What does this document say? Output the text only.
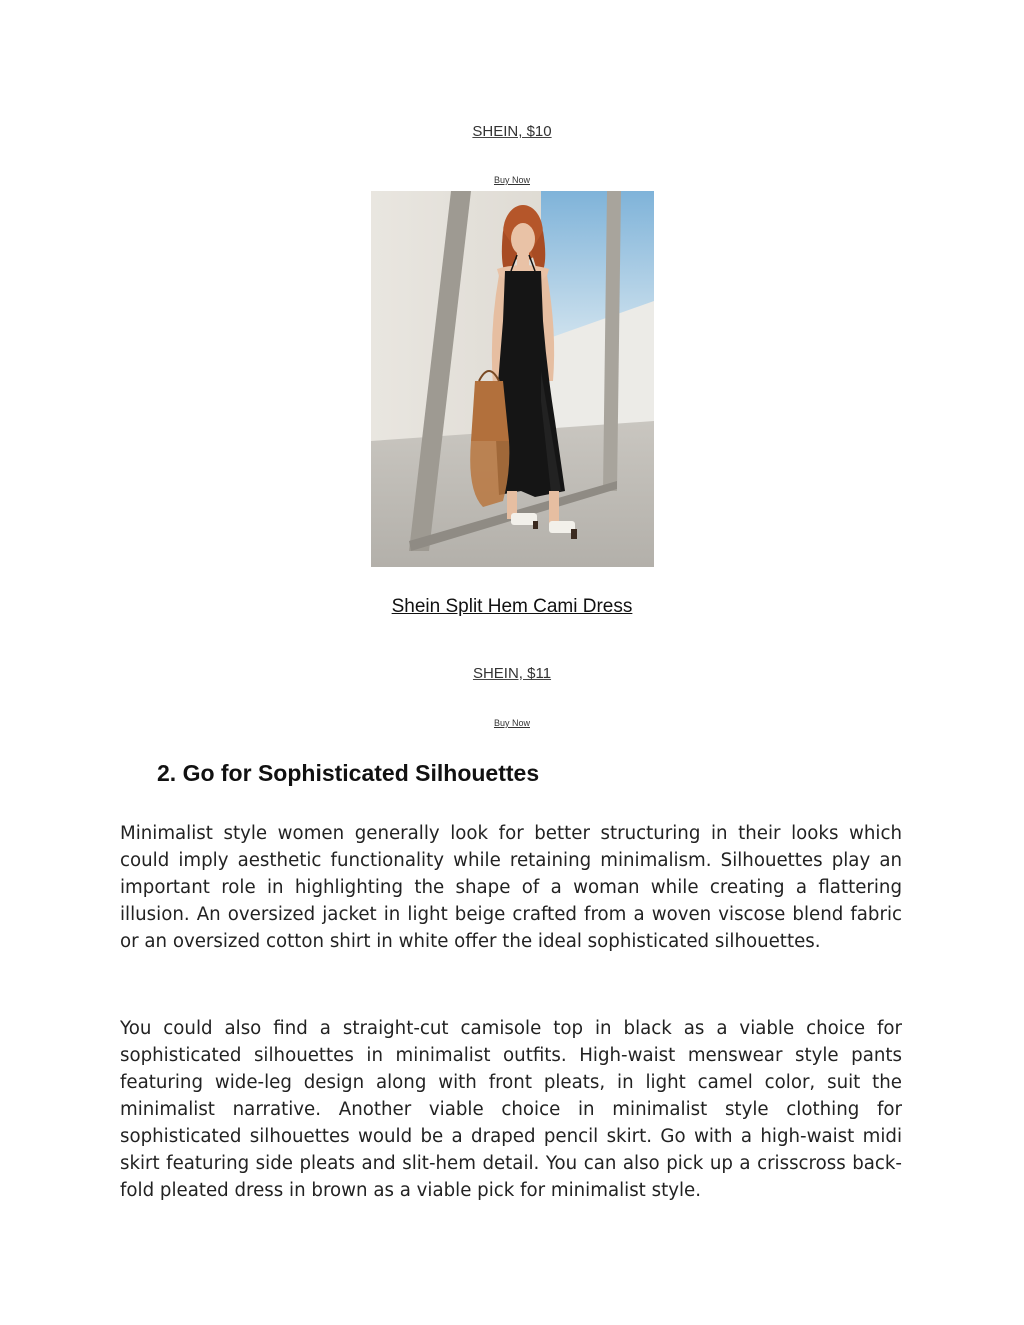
SHEIN, $10
Buy Now
Shein Split Hem Cami Dress
SHEIN, $11
Buy Now
2. Go for Sophisticated Silhouettes

Minimalist style women generally look for better structuring in their looks which could imply aesthetic functionality while retaining minimalism. Silhouettes play an important role in highlighting the shape of a woman while creating a flattering illusion. An oversized jacket in light beige crafted from a woven viscose blend fabric or an oversized cotton shirt in white offer the ideal sophisticated silhouettes.

You could also find a straight-cut camisole top in black as a viable choice for sophisticated silhouettes in minimalist outfits. High-waist menswear style pants featuring wide-leg design along with front pleats, in light camel color, suit the minimalist narrative. Another viable choice in minimalist style clothing for sophisticated silhouettes would be a draped pencil skirt. Go with a high-waist midi skirt featuring side pleats and slit-hem detail. You can also pick up a crisscross back-fold pleated dress in brown as a viable pick for minimalist style.
